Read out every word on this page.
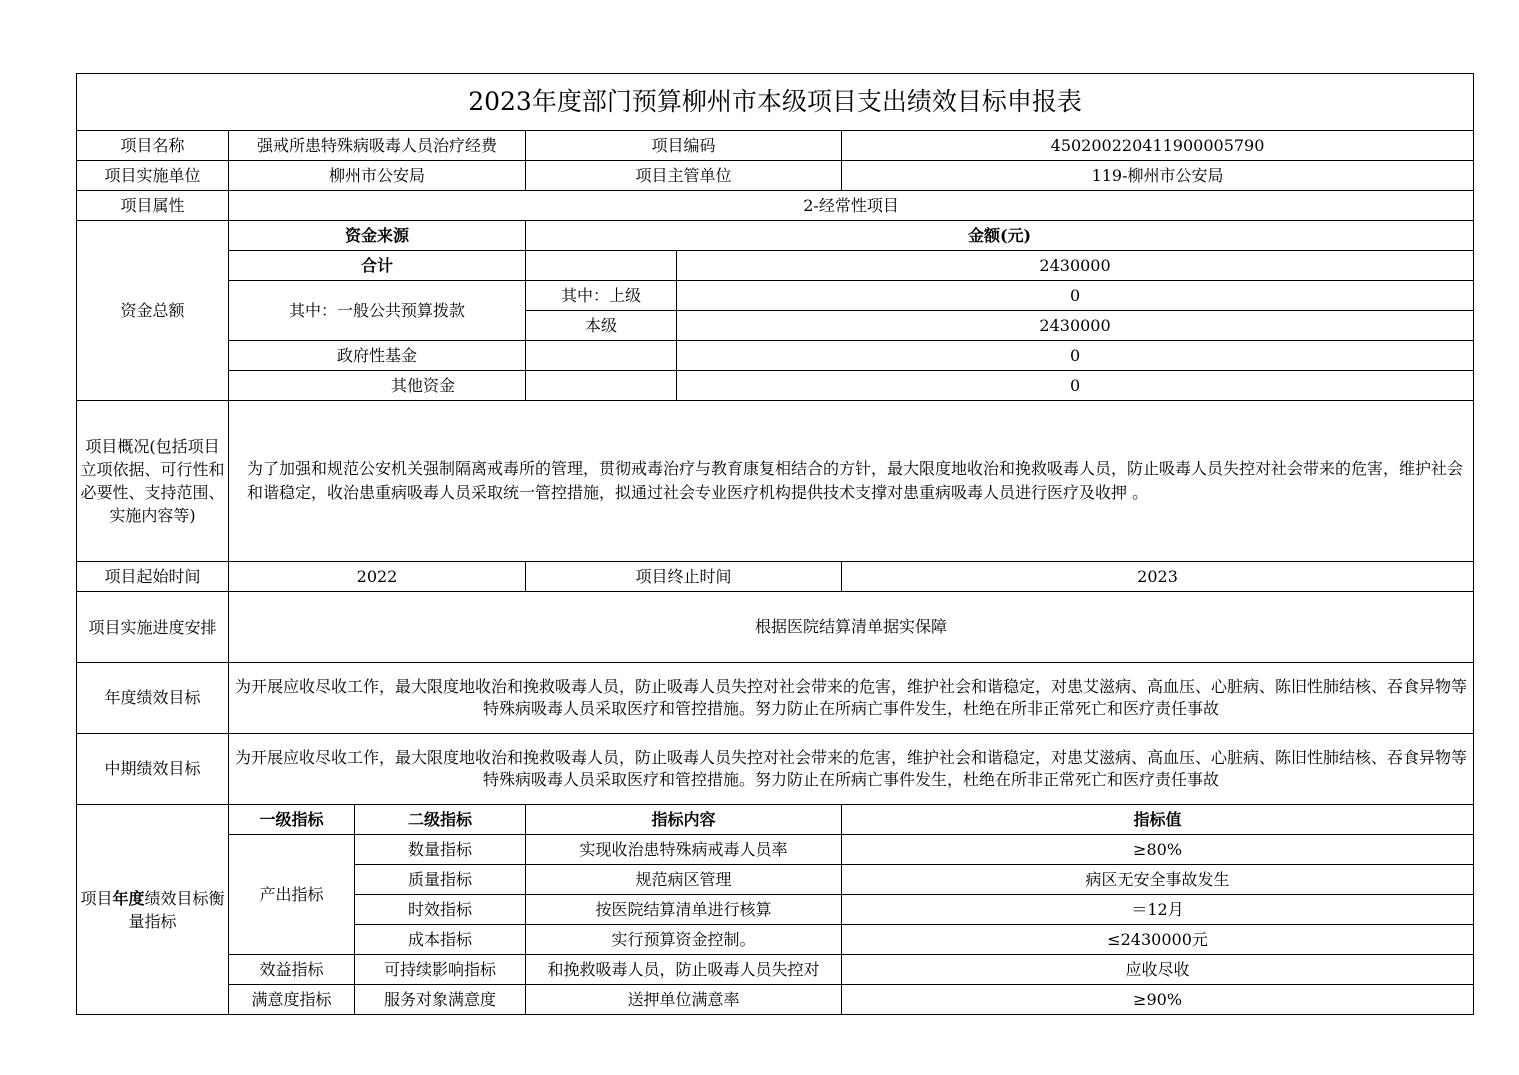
2023年度部门预算柳州市本级项目支出绩效目标申报表					
项目名称	强戒所患特殊病吸毒人员治疗经费		项目编码		450200220411900005790
项目实施单位	柳州市公安局		项目主管单位		119-柳州市公安局
项目属性	2-经常性项目				
资金总额	资金来源		金额(元)		
	合计			2430000	
	其中：一般公共预算拨款		其中：上级	0	
			本级	2430000	
	政府性基金			0	
	其他资金			0	
项目概况(包括项目立项依据、可行性和必要性、支持范围、实施内容等)	为了加强和规范公安机关强制隔离戒毒所的管理，贯彻戒毒治疗与教育康复相结合的方针，最大限度地收治和挽救吸毒人员，防止吸毒人员失控对社会带来的危害，维护社会和谐稳定，收治患重病吸毒人员采取统一管控措施，拟通过社会专业医疗机构提供技术支撑对患重病吸毒人员进行医疗及收押 。				
项目起始时间	2022		项目终止时间		2023
项目实施进度安排	根据医院结算清单据实保障				
年度绩效目标	为开展应收尽收工作，最大限度地收治和挽救吸毒人员，防止吸毒人员失控对社会带来的危害，维护社会和谐稳定，对患艾滋病、高血压、心脏病、陈旧性肺结核、吞食异物等特殊病吸毒人员采取医疗和管控措施。努力防止在所病亡事件发生，杜绝在所非正常死亡和医疗责任事故				
中期绩效目标	为开展应收尽收工作，最大限度地收治和挽救吸毒人员，防止吸毒人员失控对社会带来的危害，维护社会和谐稳定，对患艾滋病、高血压、心脏病、陈旧性肺结核、吞食异物等特殊病吸毒人员采取医疗和管控措施。努力防止在所病亡事件发生，杜绝在所非正常死亡和医疗责任事故				
项目年度绩效目标衡量指标	一级指标	二级指标	指标内容		指标值
	产出指标	数量指标	实现收治患特殊病戒毒人员率		≥80%
		质量指标	规范病区管理		病区无安全事故发生
		时效指标	按医院结算清单进行核算		＝12月
		成本指标	实行预算资金控制。		≤2430000元
	效益指标	可持续影响指标	和挽救吸毒人员，防止吸毒人员失控对		应收尽收
	满意度指标	服务对象满意度	送押单位满意率		≥90%
